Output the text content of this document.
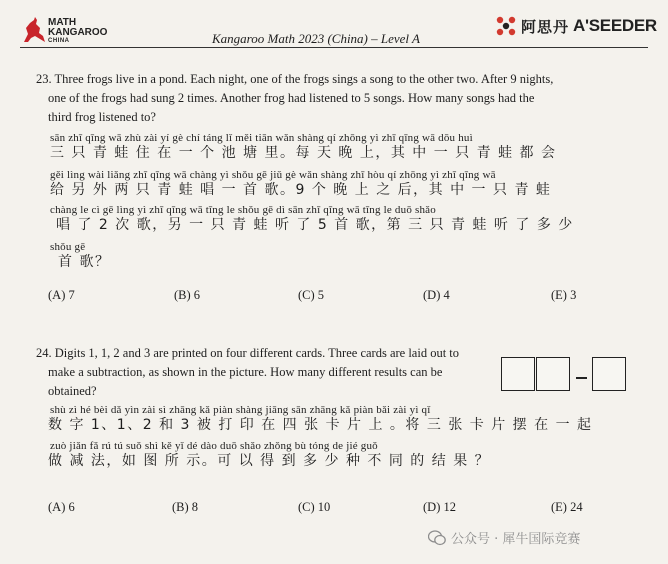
MATH
KANGAROO
CHINA	Kangaroo Math 2023 (China) – Level A
阿思丹 A'SEEDER
23. Three frogs live in a pond. Each night, one of the frogs sings a song to the other two. After 9 nights,
one of the frogs had sung 2 times. Another frog had listened to 5 songs. How many songs had the
third frog listened to?
sān zhī qīng wā zhù zài yí gè chí táng lǐ měi tiān wǎn shàng qí zhōng yì zhī qīng wā dōu huì
三 只 青 蛙 住 在 一 个 池 塘 里。每 天 晚 上，其 中 一 只 青 蛙 都 会
gěi lìng wài liǎng zhī qīng wā chàng yì shǒu gē jiǔ gè wǎn shàng zhī hòu qí zhōng yì zhī qīng wā
给 另 外 两 只 青 蛙 唱 一 首 歌。9 个 晚 上 之 后，其 中 一 只 青 蛙
chàng le cì gē lìng yì zhī qīng wā tīng le shǒu gē dì sān zhī qīng wā tīng le duō shǎo
唱 了 2 次 歌，另 一 只 青 蛙 听 了 5 首 歌，第 三 只 青 蛙 听 了 多 少
shǒu gē
首 歌？
(A) 7	(B) 6	(C) 5	(D) 4	(E) 3
24. Digits 1, 1, 2 and 3 are printed on four different cards. Three cards are laid out to
make a subtraction, as shown in the picture. How many different results can be
obtained?
shù zì hé bèi dǎ yìn zài sì zhāng kǎ piàn shàng jiāng sān zhāng kǎ piàn bǎi zài yì qǐ
数 字 1、1、2 和 3 被 打 印 在 四 张 卡 片 上 。将 三 张 卡 片 摆 在 一 起
zuò jiǎn fǎ rú tú suǒ shì kě yǐ dé dào duō shǎo zhǒng bù tóng de jié guǒ
做 减 法，如 图 所 示。可 以 得 到 多 少 种 不 同 的 结 果 ？
(A) 6	(B) 8	(C) 10	(D) 12	(E) 24
公众号 · 犀牛国际竞赛
